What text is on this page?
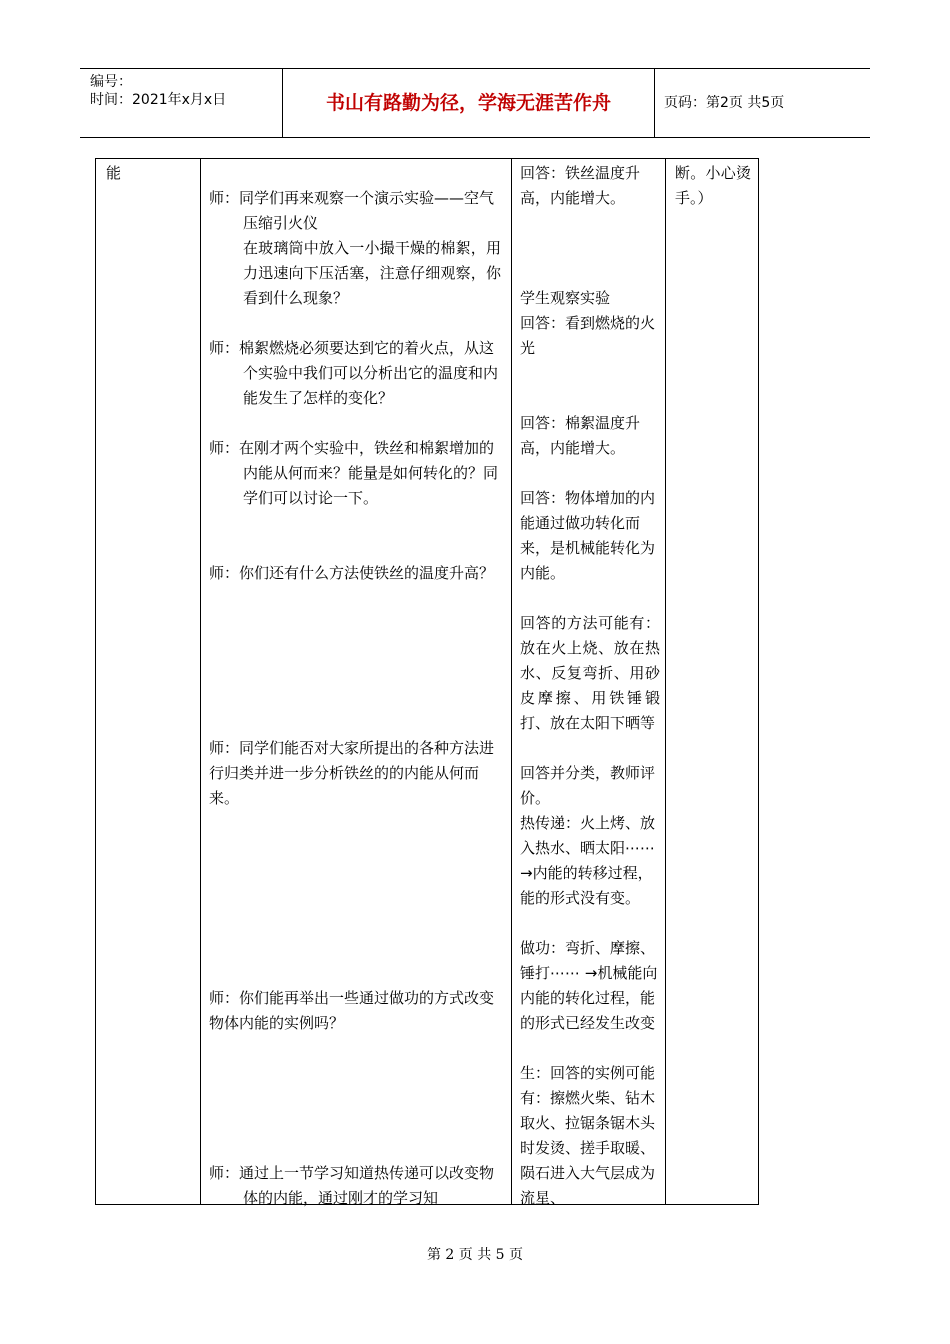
编号：
时间：2021年x月x日	书山有路勤为径，学海无涯苦作舟	页码：第2页 共5页
能

师：同学们再来观察一个演示实验——空气压缩引火仪

在玻璃筒中放入一小撮干燥的棉絮，用力迅速向下压活塞，注意仔细观察，你看到什么现象？

师：棉絮燃烧必须要达到它的着火点，从这个实验中我们可以分析出它的温度和内能发生了怎样的变化？

师：在刚才两个实验中，铁丝和棉絮增加的内能从何而来？能量是如何转化的？同学们可以讨论一下。

师：你们还有什么方法使铁丝的温度升高？

师：同学们能否对大家所提出的各种方法进行归类并进一步分析铁丝的的内能从何而来。

师：你们能再举出一些通过做功的方式改变物体内能的实例吗？

师：通过上一节学习知道热传递可以改变物体的内能，通过刚才的学习知

回答：铁丝温度升高，内能增大。

学生观察实验

回答：看到燃烧的火光

回答：棉絮温度升高，内能增大。

回答：物体增加的内能通过做功转化而来，是机械能转化为内能。

回答的方法可能有：放在火上烧、放在热水、反复弯折、用砂皮摩擦、用铁锤锻打、放在太阳下晒等

回答并分类，教师评价。

热传递：火上烤、放入热水、晒太阳⋯⋯→内能的转移过程，能的形式没有变。

做功：弯折、摩擦、锤打⋯⋯ →机械能向内能的转化过程，能的形式已经发生改变

生：回答的实例可能有：擦燃火柴、钻木取火、拉锯条锯木头时发烫、搓手取暖、陨石进入大气层成为流星、

断。小心烫手。）
第 2 页 共 5 页
